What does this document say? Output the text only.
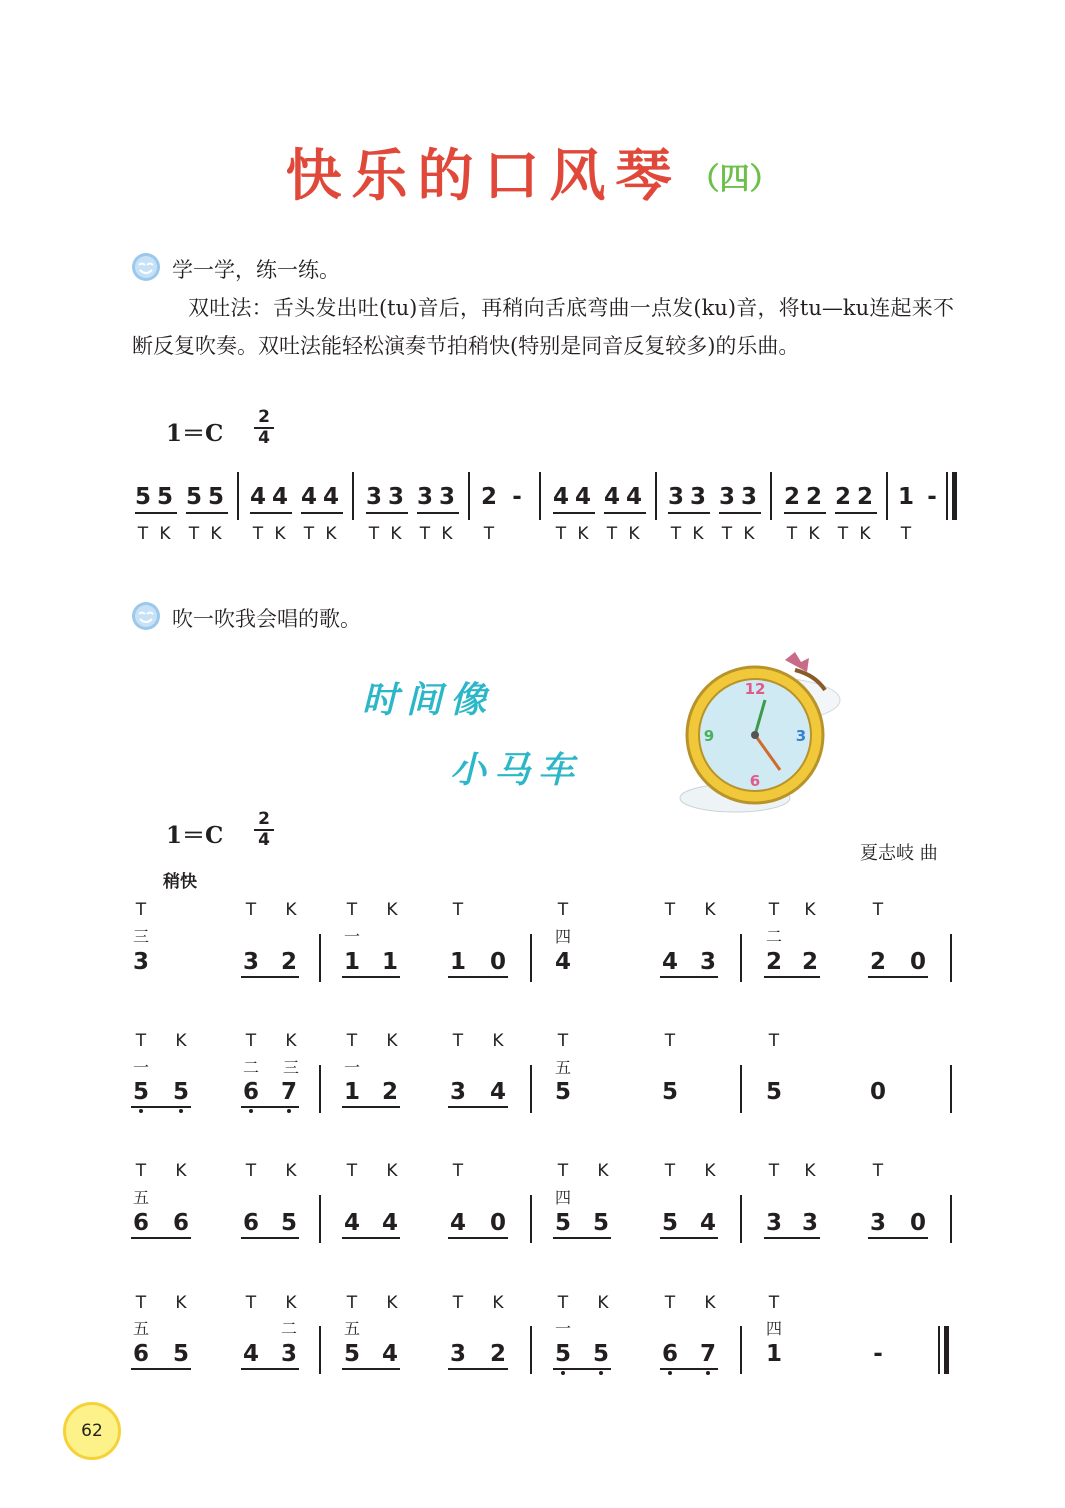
快乐的口风琴 （四）
学一学，练一练。
双吐法：舌头发出吐(tu)音后，再稍向舌底弯曲一点发(ku)音，将tu—ku连起来不断反复吹奏。双吐法能轻松演奏节拍稍快(特别是同音反复较多)的乐曲。
$1=C \frac{2}{4}$
5 5 5 5 4 4 4 4 3 3 3 3 2 - 4 4 4 4 3 3 3 3 2 2 2 2 1 -
T K T K T K T K T K T K T	T K T K T K T K T K T K T
吹一吹我会唱的歌。
时间像
小马车
12
3
6
9
$1=C \frac{2}{4}$
夏志岐 曲
稍快
T	T K	T K	T	T	T K	T K	T
三	一	四	二
3	3 2 1 1 1 0 4	4 3 2 2 2 0
T K	T K	T K	T K	T	T	T
一	二 三	一	五
5 5 6 7 1 2 3 4 5	5	5	0
T K	T K	T K	T	T K	T K	T K	T
五	四
6 6 6 5 4 4 4 0 5 5 5 4 3 3 3 0
T K	T K	T K	T K	T K	T K	T
五	二	五	一	四
6 5 4 3 5 4 3 2 5 5 6 7 1	-
62
